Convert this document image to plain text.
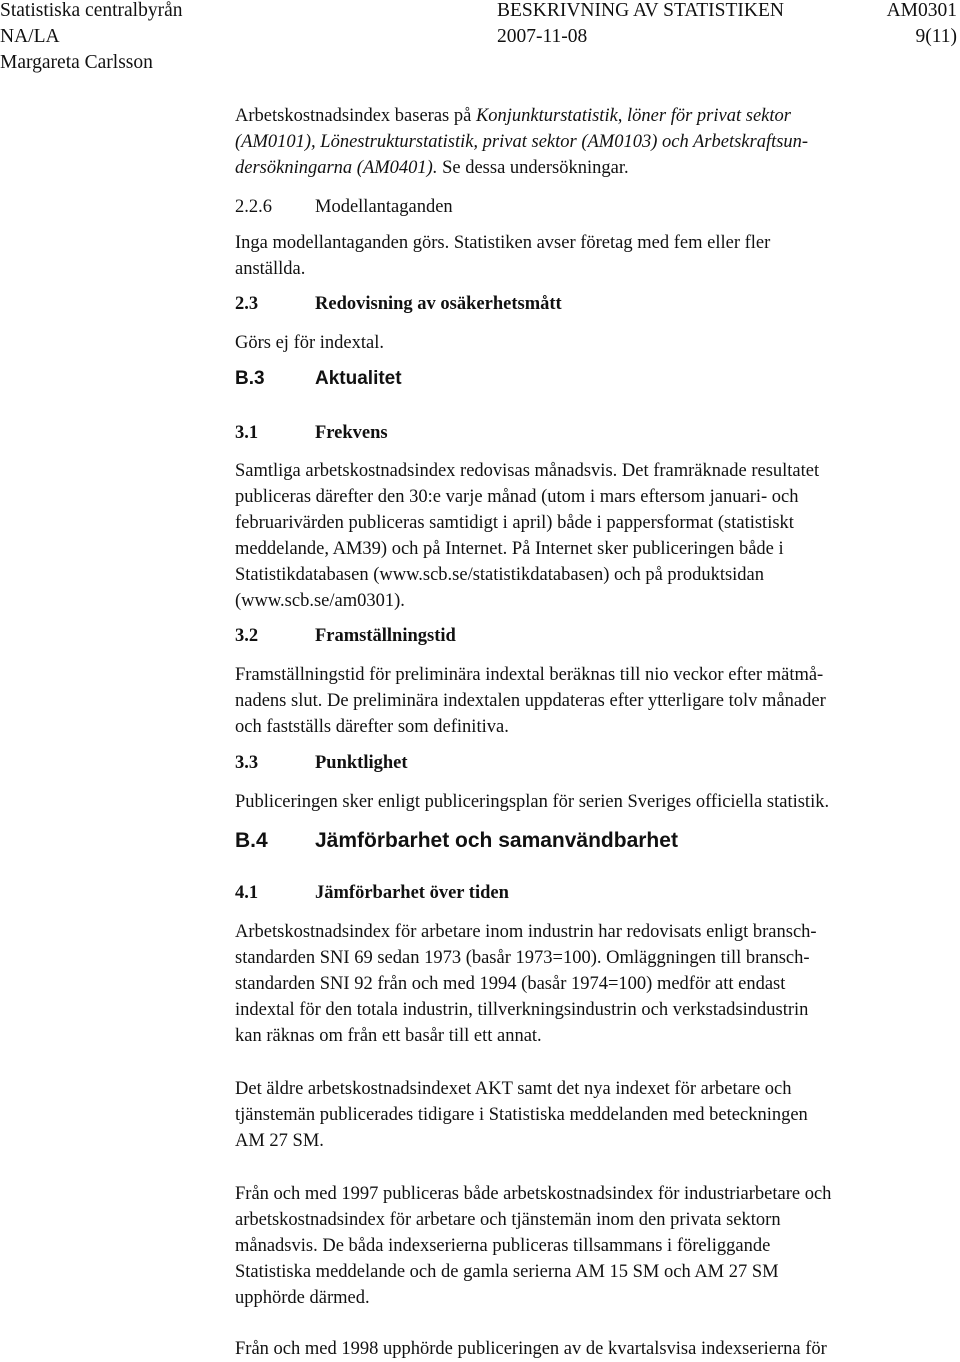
Statistiska centralbyrån	BESKRIVNING AV STATISTIKEN	AM0301
NA/LA	2007-11-08	9(11)
Margareta Carlsson
Arbetskostnadsindex baseras på Konjunkturstatistik, löner för privat sektor
(AM0101), Lönestrukturstatistik, privat sektor (AM0103) och Arbetskraftsun-
dersökningarna (AM0401). Se dessa undersökningar.
2.2.6 Modellantaganden
Inga modellantaganden görs. Statistiken avser företag med fem eller fler
anställda.
2.3	Redovisning av osäkerhetsmått
Görs ej för indextal.
B.3	Aktualitet
3.1	Frekvens
Samtliga arbetskostnadsindex redovisas månadsvis. Det framräknade resultatet
publiceras därefter den 30:e varje månad (utom i mars eftersom januari- och
februarivärden publiceras samtidigt i april) både i pappersformat (statistiskt
meddelande, AM39) och på Internet. På Internet sker publiceringen både i
Statistikdatabasen (www.scb.se/statistikdatabasen) och på produktsidan
(www.scb.se/am0301).
3.2	Framställningstid
Framställningstid för preliminära indextal beräknas till nio veckor efter mätmå-
nadens slut. De preliminära indextalen uppdateras efter ytterligare tolv månader
och fastställs därefter som definitiva.
3.3	Punktlighet
Publiceringen sker enligt publiceringsplan för serien Sveriges officiella statistik.
B.4 Jämförbarhet och samanvändbarhet
4.1	Jämförbarhet över tiden
Arbetskostnadsindex för arbetare inom industrin har redovisats enligt bransch-
standarden SNI 69 sedan 1973 (basår 1973=100). Omläggningen till bransch-
standarden SNI 92 från och med 1994 (basår 1974=100) medför att endast
indextal för den totala industrin, tillverkningsindustrin och verkstadsindustrin
kan räknas om från ett basår till ett annat.
Det äldre arbetskostnadsindexet AKT samt det nya indexet för arbetare och
tjänstemän publicerades tidigare i Statistiska meddelanden med beteckningen
AM 27 SM.
Från och med 1997 publiceras både arbetskostnadsindex för industriarbetare och
arbetskostnadsindex för arbetare och tjänstemän inom den privata sektorn
månadsvis. De båda indexserierna publiceras tillsammans i föreliggande
Statistiska meddelande och de gamla serierna AM 15 SM och AM 27 SM
upphörde därmed.
Från och med 1998 upphörde publiceringen av de kvartalsvisa indexserierna för
